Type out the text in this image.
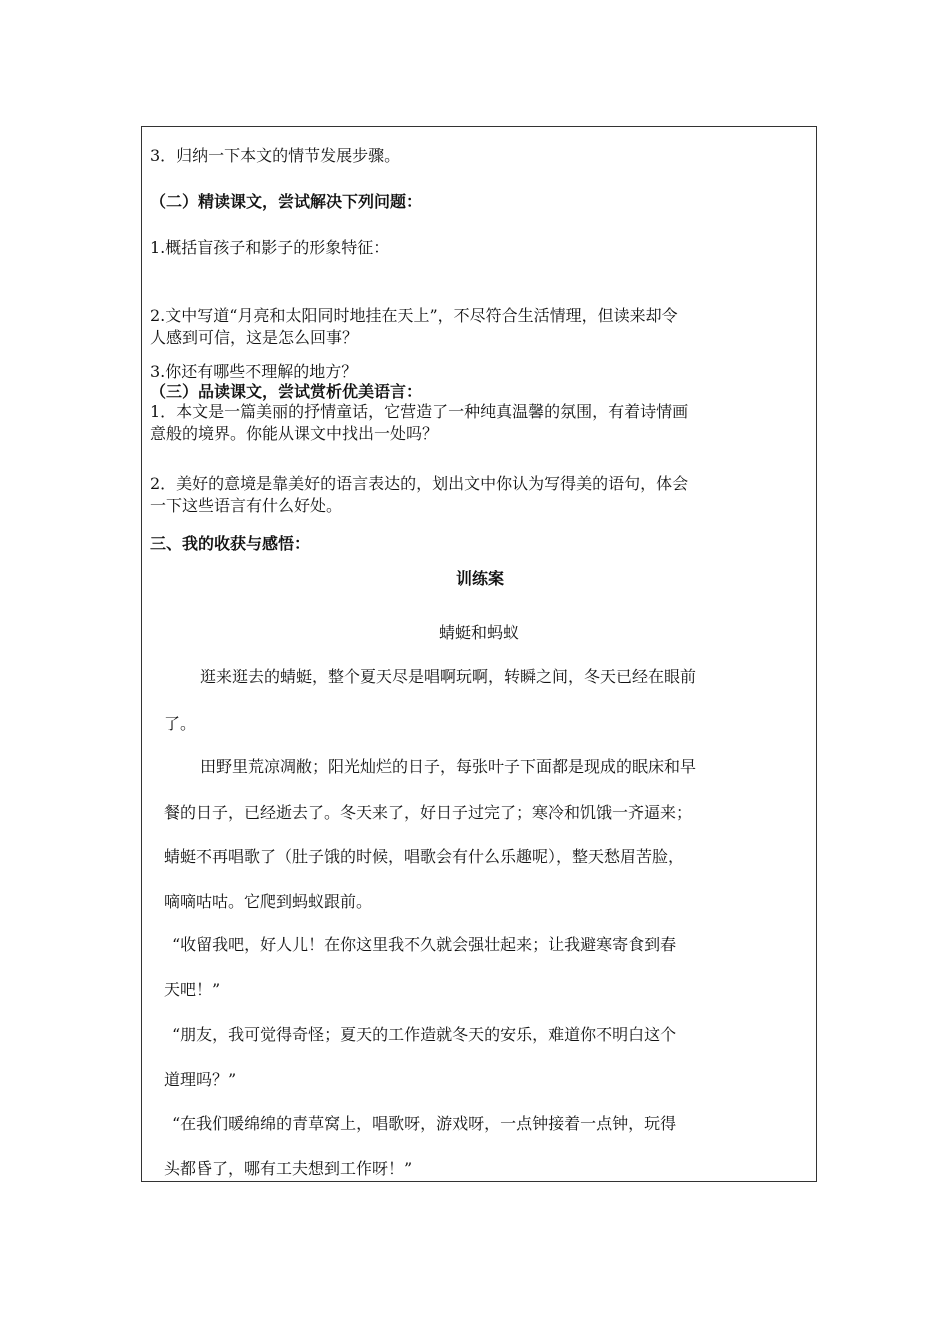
3．归纳一下本文的情节发展步骤。
（二）精读课文，尝试解决下列问题：
1.概括盲孩子和影子的形象特征：
2.文中写道“月亮和太阳同时地挂在天上”，不尽符合生活情理，但读来却令
人感到可信，这是怎么回事？
3.你还有哪些不理解的地方？
（三）品读课文，尝试赏析优美语言：
1．本文是一篇美丽的抒情童话，它营造了一种纯真温馨的氛围，有着诗情画
意般的境界。你能从课文中找出一处吗？
2．美好的意境是靠美好的语言表达的，划出文中你认为写得美的语句，体会
一下这些语言有什么好处。
三、我的收获与感悟：
训练案
蜻蜓和蚂蚁
逛来逛去的蜻蜓，整个夏天尽是唱啊玩啊，转瞬之间，冬天已经在眼前
了。
田野里荒凉凋敝；阳光灿烂的日子，每张叶子下面都是现成的眠床和早
餐的日子，已经逝去了。冬天来了，好日子过完了；寒冷和饥饿一齐逼来；
蜻蜓不再唱歌了（肚子饿的时候，唱歌会有什么乐趣呢），整天愁眉苦脸，
嘀嘀咕咕。它爬到蚂蚁跟前。
“收留我吧，好人儿！在你这里我不久就会强壮起来；让我避寒寄食到春
天吧！”
“朋友，我可觉得奇怪；夏天的工作造就冬天的安乐，难道你不明白这个
道理吗？”
“在我们暖绵绵的青草窝上，唱歌呀，游戏呀，一点钟接着一点钟，玩得
头都昏了，哪有工夫想到工作呀！”
